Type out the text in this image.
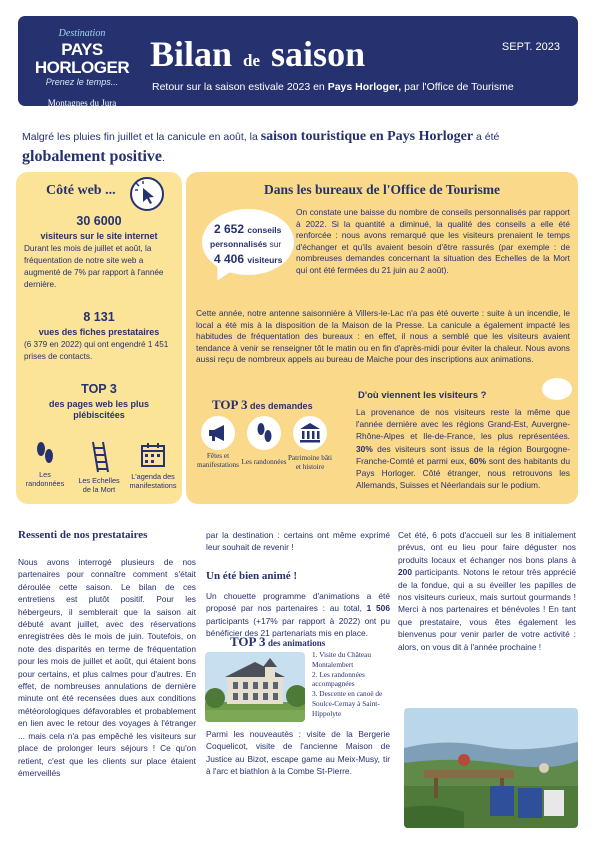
Destination
PAYS HORLOGER
Prenez le temps...
Montagnes du Jura
Bilan de saison	SEPT. 2023
Retour sur la saison estivale 2023 en Pays Horloger, par l'Office de Tourisme
Malgré les pluies fin juillet et la canicule en août, la saison touristique en Pays Horloger a été
globalement positive.
Côté web ...
30 6000
visiteurs sur le site internet
Durant les mois de juillet et août, la fréquentation de notre site web a augmenté de 7% par rapport à l'année dernière.
8 131
vues des fiches prestataires
(6 379 en 2022) qui ont engendré 1 451 prises de contacts.
TOP 3
des pages web les plus plébiscitées
Les randonnées	Les Echelles de la Mort
L'agenda des manifestations
Dans les bureaux de l'Office de Tourisme
2 652 conseils
personnalisés sur
4 406 visiteurs
On constate une baisse du nombre de conseils personnalisés par rapport à 2022. Si la quantité a diminué, la qualité des conseils a elle été renforcée : nous avons remarqué que les visiteurs prenaient le temps d'échanger et qu'ils avaient besoin d'être rassurés (par exemple : de nombreuses demandes concernant la situation des Echelles de la Mort qui ont été fermées du 21 juin au 2 août).
Cette année, notre antenne saisonnière à Villers-le-Lac n'a pas été ouverte : suite à un incendie, le local a été mis à la disposition de la Maison de la Presse. La canicule a également impacté les habitudes de fréquentation des bureaux : en effet, il nous a semblé que les visiteurs avaient tendance à venir se renseigner tôt le matin ou en fin d'après-midi pour éviter la chaleur. Nous avons aussi reçu de nombreux appels au bureau de Maiche pour des inscriptions aux animations.
TOP 3 des demandes
Fêtes et manifestations Les randonnées Patrimoine bâti et histoire
D'où viennent les visiteurs ?
La provenance de nos visiteurs reste la même que l'année dernière avec les régions Grand-Est, Auvergne-Rhône-Alpes et Ile-de-France, les plus représentées. 30% des visiteurs sont issus de la région Bourgogne-Franche-Comté et parmi eux, 60% sont des habitants du Pays Horloger. Côté étranger, nous retrouvons les Allemands, Suisses et Néerlandais sur le podium.
Ressenti de nos prestataires
Nous avons interrogé plusieurs de nos partenaires pour connaître comment s'était déroulée cette saison. Le bilan de ces entretiens est plutôt positif. Pour les hébergeurs, il semblerait que la saison ait débuté avant juillet, avec des réservations enregistrées dès le mois de juin. Toutefois, on note des disparités en terme de fréquentation pour les mois de juillet et août, qui étaient bons pour certains, et plus calmes pour d'autres. En effet, de nombreuses annulations de dernière minute ont été recensées dues aux conditions météorologiques défavorables et probablement en lien avec le retour des voyages à l'étranger ... mais cela n'a pas empêché les visiteurs sur place de prolonger leurs séjours ! Ce qu'on retient, c'est que les clients sur place étaient émerveillés
par la destination : certains ont même exprimé leur souhait de revenir !
Un été bien animé !
Un chouette programme d'animations a été proposé par nos partenaires : au total, 1 506 participants (+17% par rapport à 2022) ont pu bénéficier des 21 partenariats mis en place.
TOP 3 des animations
1. Visite du Château Montalembert
2. Les randonnées accompagnées
3. Descente en canoë de Soulce-Cernay à Saint-Hippolyte
Parmi les nouveautés : visite de la Bergerie Coquelicot, visite de l'ancienne Maison de Justice au Bizot, escape game au Meix-Musy, tir à l'arc et biathlon à la Combe St-Pierre.
Cet été, 6 pots d'accueil sur les 8 initialement prévus, ont eu lieu pour faire déguster nos produits locaux et échanger nos bons plans à 200 participants. Notons le retour très apprécié de la fondue, qui a su éveiller les papilles de nos visiteurs curieux, mais surtout gourmands ! Merci à nos partenaires et bénévoles ! En tant que prestataire, vous êtes également les bienvenus pour venir parler de votre activité : alors, on vous dit à l'année prochaine !
